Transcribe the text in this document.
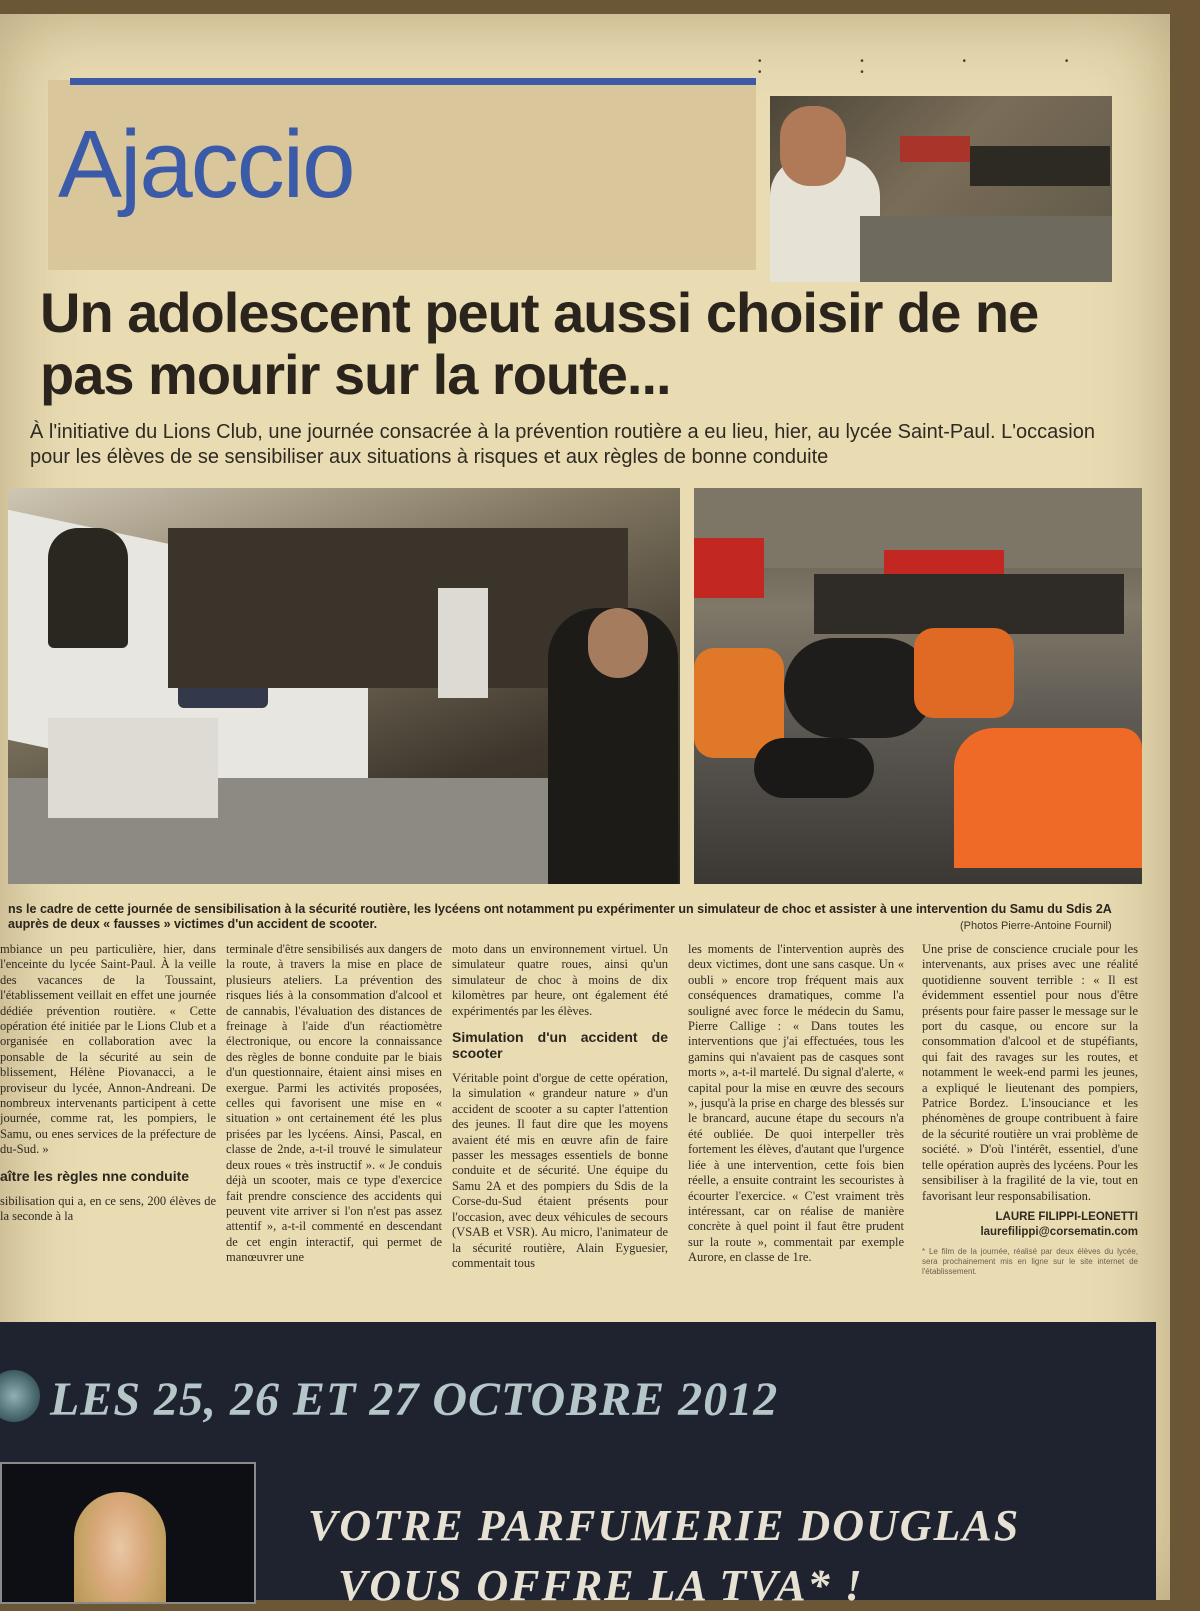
• • • • • •
Ajaccio
Un adolescent peut aussi choisir de ne pas mourir sur la route...
À l'initiative du Lions Club, une journée consacrée à la prévention routière a eu lieu, hier, au lycée Saint-Paul. L'occasion pour les élèves de se sensibiliser aux situations à risques et aux règles de bonne conduite
ns le cadre de cette journée de sensibilisation à la sécurité routière, les lycéens ont notamment pu expérimenter un simulateur de choc et assister à une intervention du Samu du Sdis 2A auprès de deux « fausses » victimes d'un accident de scooter.	(Photos Pierre-Antoine Fournil)

mbiance un peu particulière, hier, dans l'enceinte du lycée Saint-Paul. À la veille des vacances de la Toussaint, l'établissement veillait en effet une journée dédiée prévention routière. « Cette opération été initiée par le Lions Club et a organisée en collaboration avec la ponsable de la sécurité au sein de blissement, Hélène Piovanacci, a le proviseur du lycée, Annon-Andreani. De nombreux intervenants participent à cette journée, comme rat, les pompiers, le Samu, ou enes services de la préfecture de du-Sud. »

aître les règles nne conduite

sibilisation qui a, en ce sens, 200 élèves de la seconde à la

terminale d'être sensibilisés aux dangers de la route, à travers la mise en place de plusieurs ateliers. La prévention des risques liés à la consommation d'alcool et de cannabis, l'évaluation des distances de freinage à l'aide d'un réactiomètre électronique, ou encore la connaissance des règles de bonne conduite par le biais d'un questionnaire, étaient ainsi mises en exergue. Parmi les activités proposées, celles qui favorisent une mise en « situation » ont certainement été les plus prisées par les lycéens. Ainsi, Pascal, en classe de 2nde, a-t-il trouvé le simulateur deux roues « très instructif ». « Je conduis déjà un scooter, mais ce type d'exercice fait prendre conscience des accidents qui peuvent vite arriver si l'on n'est pas assez attentif », a-t-il commenté en descendant de cet engin interactif, qui permet de manœuvrer une

moto dans un environnement virtuel. Un simulateur quatre roues, ainsi qu'un simulateur de choc à moins de dix kilomètres par heure, ont également été expérimentés par les élèves.

Simulation d'un accident de scooter

Véritable point d'orgue de cette opération, la simulation « grandeur nature » d'un accident de scooter a su capter l'attention des jeunes. Il faut dire que les moyens avaient été mis en œuvre afin de faire passer les messages essentiels de bonne conduite et de sécurité. Une équipe du Samu 2A et des pompiers du Sdis de la Corse-du-Sud étaient présents pour l'occasion, avec deux véhicules de secours (VSAB et VSR). Au micro, l'animateur de la sécurité routière, Alain Eyguesier, commentait tous

les moments de l'intervention auprès des deux victimes, dont une sans casque. Un « oubli » encore trop fréquent mais aux conséquences dramatiques, comme l'a souligné avec force le médecin du Samu, Pierre Callige : « Dans toutes les interventions que j'ai effectuées, tous les gamins qui n'avaient pas de casques sont morts », a-t-il martelé. Du signal d'alerte, « capital pour la mise en œuvre des secours », jusqu'à la prise en charge des blessés sur le brancard, aucune étape du secours n'a été oubliée. De quoi interpeller très fortement les élèves, d'autant que l'urgence liée à une intervention, cette fois bien réelle, a ensuite contraint les secouristes à écourter l'exercice. « C'est vraiment très intéressant, car on réalise de manière concrète à quel point il faut être prudent sur la route », commentait par exemple Aurore, en classe de 1re.

Une prise de conscience cruciale pour les intervenants, aux prises avec une réalité quotidienne souvent terrible : « Il est évidemment essentiel pour nous d'être présents pour faire passer le message sur le port du casque, ou encore sur la consommation d'alcool et de stupéfiants, qui fait des ravages sur les routes, et notamment le week-end parmi les jeunes, a expliqué le lieutenant des pompiers, Patrice Bordez. L'insouciance et les phénomènes de groupe contribuent à faire de la sécurité routière un vrai problème de société. » D'où l'intérêt, essentiel, d'une telle opération auprès des lycéens. Pour les sensibiliser à la fragilité de la vie, tout en favorisant leur responsabilisation.

LAURE FILIPPI-LEONETTI
laurefilippi@corsematin.com
* Le film de la journée, réalisé par deux élèves du lycée, sera prochainement mis en ligne sur le site internet de l'établissement.
LES 25, 26 ET 27 OCTOBRE 2012
VOTRE PARFUMERIE DOUGLAS
VOUS OFFRE LA TVA* !
